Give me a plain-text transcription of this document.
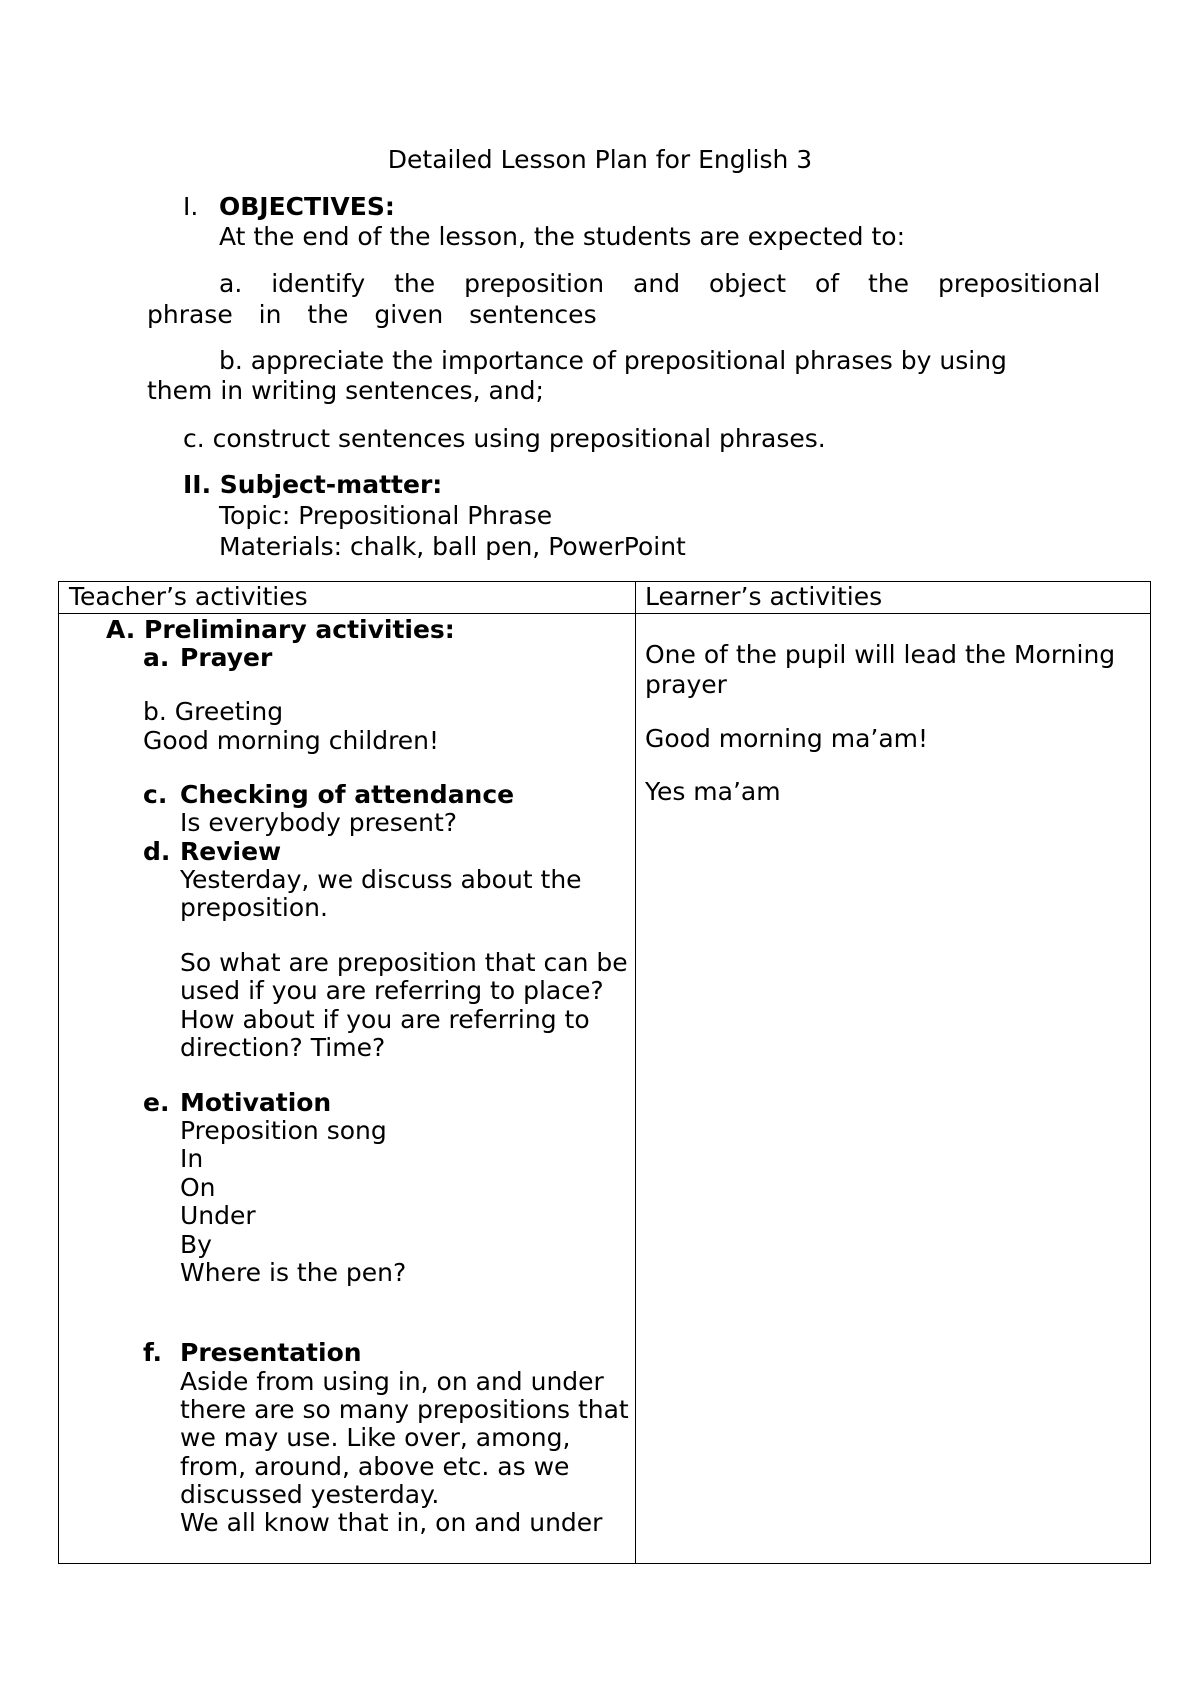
Detailed Lesson Plan for English 3
I. OBJECTIVES:
At the end of the lesson, the students are expected to:
a. identify the preposition and object of the prepositional
phrase in the given sentences
b. appreciate the importance of prepositional phrases by using
them in writing sentences, and;
c. construct sentences using prepositional phrases.
II. Subject-matter:
Topic: Prepositional Phrase
Materials: chalk, ball pen, PowerPoint
Teacher’s activities	Learner’s activities
A. Preliminary activities:
a. Prayer
b. Greeting
Good morning children!
c. Checking of attendance
Is everybody present?
d. Review
Yesterday, we discuss about the
preposition.
So what are preposition that can be
used if you are referring to place?
How about if you are referring to
direction? Time?
e. Motivation
Preposition song
In
On
Under
By
Where is the pen?
f. Presentation
Aside from using in, on and under
there are so many prepositions that
we may use. Like over, among,
from, around, above etc. as we
discussed yesterday.
We all know that in, on and under
One of the pupil will lead the Morning
prayer
Good morning ma’am!
Yes ma’am
